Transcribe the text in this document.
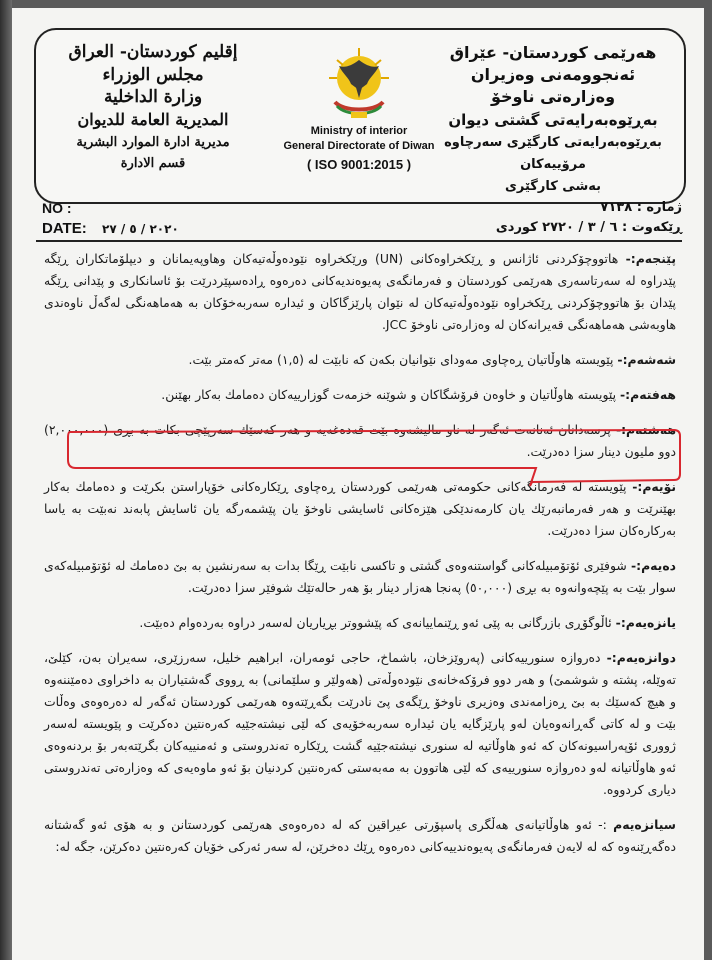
هەرێمی كوردستان- عێراق
ئەنجوومەنی وەزیران
وەزارەتی ناوخۆ
بەڕێوەبەرایەتی گشتی دیوان
بەڕێوەبەرایەتی كارگێری سەرچاوە مرۆییەكان
بەشی كارگێری
Ministry of interior
General Directorate of Diwan
( ISO 9001:2015 )
إقليم كوردستان- العراق
مجلس الوزراء
وزارة الداخلية
المديرية العامة للديوان
مديرية ادارة الموارد البشرية
قسم الادارة
NO :
DATE: ٢٠٢٠ / ٥ / ٢٧
ژمارە : ٧١٣٨
ڕێكەوت : ٦ / ٣ / ٢٧٢٠ كوردی

پێنجەم:- هاتووچۆكردنی ئاژانس و ڕێكخراوەكانی (UN) ورێكخراوە نێودەوڵەتیەكان وهاوپەیمانان و دیپلۆماتكاران ڕێگە پێدراوە لە سەرتاسەری هەرێمی كوردستان و فەرمانگەی پەیوەندیەكانی دەرەوە ڕادەسپێردرێت بۆ ئاسانكاری و پێدانی ڕێگە پێدان بۆ هاتووچۆكردنی ڕێكخراوە نێودەوڵەتیەكان لە نێوان پارێزگاكان و ئیدارە سەربەخۆكان بە هەماهەنگی لەگەڵ ناوەندی هاوبەشی هەماهەنگی قەیرانەكان لە وەزارەتی ناوخۆ JCC.

شەشەم:- پێویستە هاوڵاتیان ڕەچاوی مەودای نێوانیان بكەن كە نابێت لە (١,٥) مەتر كەمتر بێت.

هەفتەم:- پێویستە هاوڵاتیان و خاوەن فرۆشگاكان و شوێنە خزمەت گوزارییەكان دەمامك بەكار بهێنن.

هەشتەم:- پرسەدانان ئەنانەت ئەگەر لە ناو مالیشەوە بێت قەدەغەیە و هەر كەسێك سەرپێچی بكات بە بڕی (٢,٠٠٠,٠٠٠) دوو ملیون دینار سزا دەدرێت.

نۆیەم:- پێویستە لە فەرمانگەكانی حكومەتی هەرێمی كوردستان ڕەچاوی ڕێكارەكانی خۆپاراستن بكرێت و دەمامك بەكار بهێنرێت و هەر فەرمانبەرێك یان كارمەندێكی هێزەكانی ئاسایشی ناوخۆ یان پێشمەرگە یان ئاسایش پابەند نەبێت بە یاسا بەركارەكان سزا دەدرێت.

دەیەم:- شوفێری ئۆتۆمبیلەكانی گواستنەوەی گشتی و تاكسی نابێت ڕێگا بدات بە سەرنشین بە بێ دەمامك لە ئۆتۆمبیلەكەی سوار بێت بە پێچەوانەوە بە بڕی (٥٠,٠٠٠) پەنجا هەزار دینار بۆ هەر حالەتێك شوفێر سزا دەدرێت.

یانزەیەم:- ئاڵوگۆڕی بازرگانی بە پێی ئەو ڕێنماییانەی كە پێشووتر بڕیاریان لەسەر دراوە بەردەوام دەبێت.

دوانزەیەم:- دەروازە سنورییەكانی (پەروێزخان، باشماخ، حاجی ئومەران، ابراهیم خلیل، سەرزێری، سەیران بەن، كێلێ، تەوێلە، پشتە و شوشمێ) و هەر دوو فرۆكەخانەی نێودەوڵەتی (هەولێر و سلێمانی) بە ڕووی گەشتیاران بە داخراوی دەمێننەوە و هیچ كەسێك بە بێ ڕەزامەندی وەزیری ناوخۆ ڕێگەی پێ نادرێت بگەڕێتەوە هەرێمی كوردستان ئەگەر لە دەرەوەی وەڵات بێت و لە كاتی گەڕانەوەیان لەو پارێزگایە یان ئیدارە سەربەخۆیەی كە لێی نیشتەجێیە كەرەنتین دەكرێت و پێویستە لەسەر ژووری ئۆپەراسیونەكان كە ئەو هاوڵاتیە لە سنوری نیشتەجێیە گشت ڕێكارە تەندروستی و ئەمنییەكان بگرێتەبەر بۆ بردنەوەی ئەو هاوڵاتیانە لەو دەروازە سنورییەی كە لێی هاتوون بە مەبەستی كەرەنتین كردنیان بۆ ئەو ماوەیەی كە وەزارەتی تەندروستی دیاری كردووە.

سیانزەیەم :- ئەو هاوڵاتیانەی هەڵگری پاسپۆرتی عیراقین كە لە دەرەوەی هەرێمی كوردستانن و بە هۆی ئەو گەشتانە دەگەڕێنەوە كە لە لایەن فەرمانگەی پەیوەندییەكانی دەرەوە ڕێك دەخرێن، لە سەر ئەركی خۆیان كەرەنتین دەكرێن، جگە لە:
